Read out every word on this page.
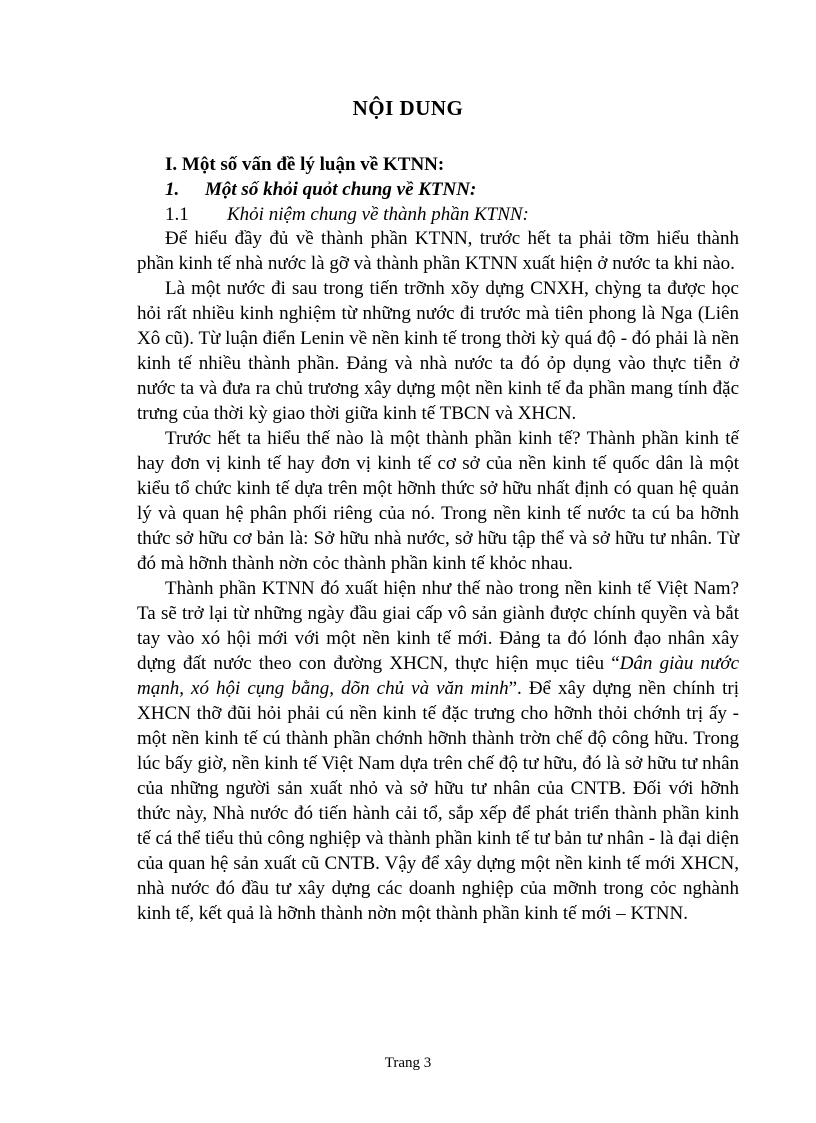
NỘI DUNG
I. Một số vấn đề lý luận về KTNN:
1. Một số khỏi quỏt chung về KTNN:
1.1 Khỏi niệm chung về thành phần KTNN:

Để hiểu đầy đủ về thành phần KTNN, trước hết ta phải tỡm hiểu thành phần kinh tế nhà nước là gỡ và thành phần KTNN xuất hiện ở nước ta khi nào.

Là một nước đi sau trong tiến trỡnh xõy dựng CNXH, chỳng ta được học hỏi rất nhiều kinh nghiệm từ những nước đi trước mà tiên phong là Nga (Liên Xô cũ). Từ luận điển Lenin về nền kinh tế trong thời kỳ quá độ - đó phải là nền kinh tế nhiều thành phần. Đảng và nhà nước ta đó ỏp dụng vào thực tiễn ở nước ta và đưa ra chủ trương xây dựng một nền kinh tế đa phần mang tính đặc trưng của thời kỳ giao thời giữa kinh tế TBCN và XHCN.

Trước hết ta hiểu thế nào là một thành phần kinh tế? Thành phần kinh tế hay đơn vị kinh tế hay đơn vị kinh tế cơ sở của nền kinh tế quốc dân là một kiểu tổ chức kinh tế dựa trên một hỡnh thức sở hữu nhất định có quan hệ quản lý và quan hệ phân phối riêng của nó. Trong nền kinh tế nước ta cú ba hỡnh thức sở hữu cơ bản là: Sở hữu nhà nước, sở hữu tập thể và sở hữu tư nhân. Từ đó mà hỡnh thành nờn cỏc thành phần kinh tế khỏc nhau.

Thành phần KTNN đó xuất hiện như thế nào trong nền kinh tế Việt Nam? Ta sẽ trở lại từ những ngày đầu giai cấp vô sản giành được chính quyền và bắt tay vào xó hội mới với một nền kinh tế mới. Đảng ta đó lónh đạo nhân xây dựng đất nước theo con đường XHCN, thực hiện mục tiêu “Dân giàu nước mạnh, xó hội cụng bằng, dõn chủ và văn minh”. Để xây dựng nền chính trị XHCN thỡ đũi hỏi phải cú nền kinh tế đặc trưng cho hỡnh thỏi chớnh trị ấy - một nền kinh tế cú thành phần chớnh hỡnh thành trờn chế độ công hữu. Trong lúc bấy giờ, nền kinh tế Việt Nam dựa trên chế độ tư hữu, đó là sở hữu tư nhân của những người sản xuất nhỏ và sở hữu tư nhân của CNTB. Đối với hỡnh thức này, Nhà nước đó tiến hành cải tổ, sắp xếp để phát triển thành phần kinh tế cá thể tiểu thủ công nghiệp và thành phần kinh tế tư bản tư nhân - là đại diện của quan hệ sản xuất cũ CNTB. Vậy để xây dựng một nền kinh tế mới XHCN, nhà nước đó đầu tư xây dựng các doanh nghiệp của mỡnh trong cỏc nghành kinh tế, kết quả là hỡnh thành nờn một thành phần kinh tế mới – KTNN.

Trang 3
